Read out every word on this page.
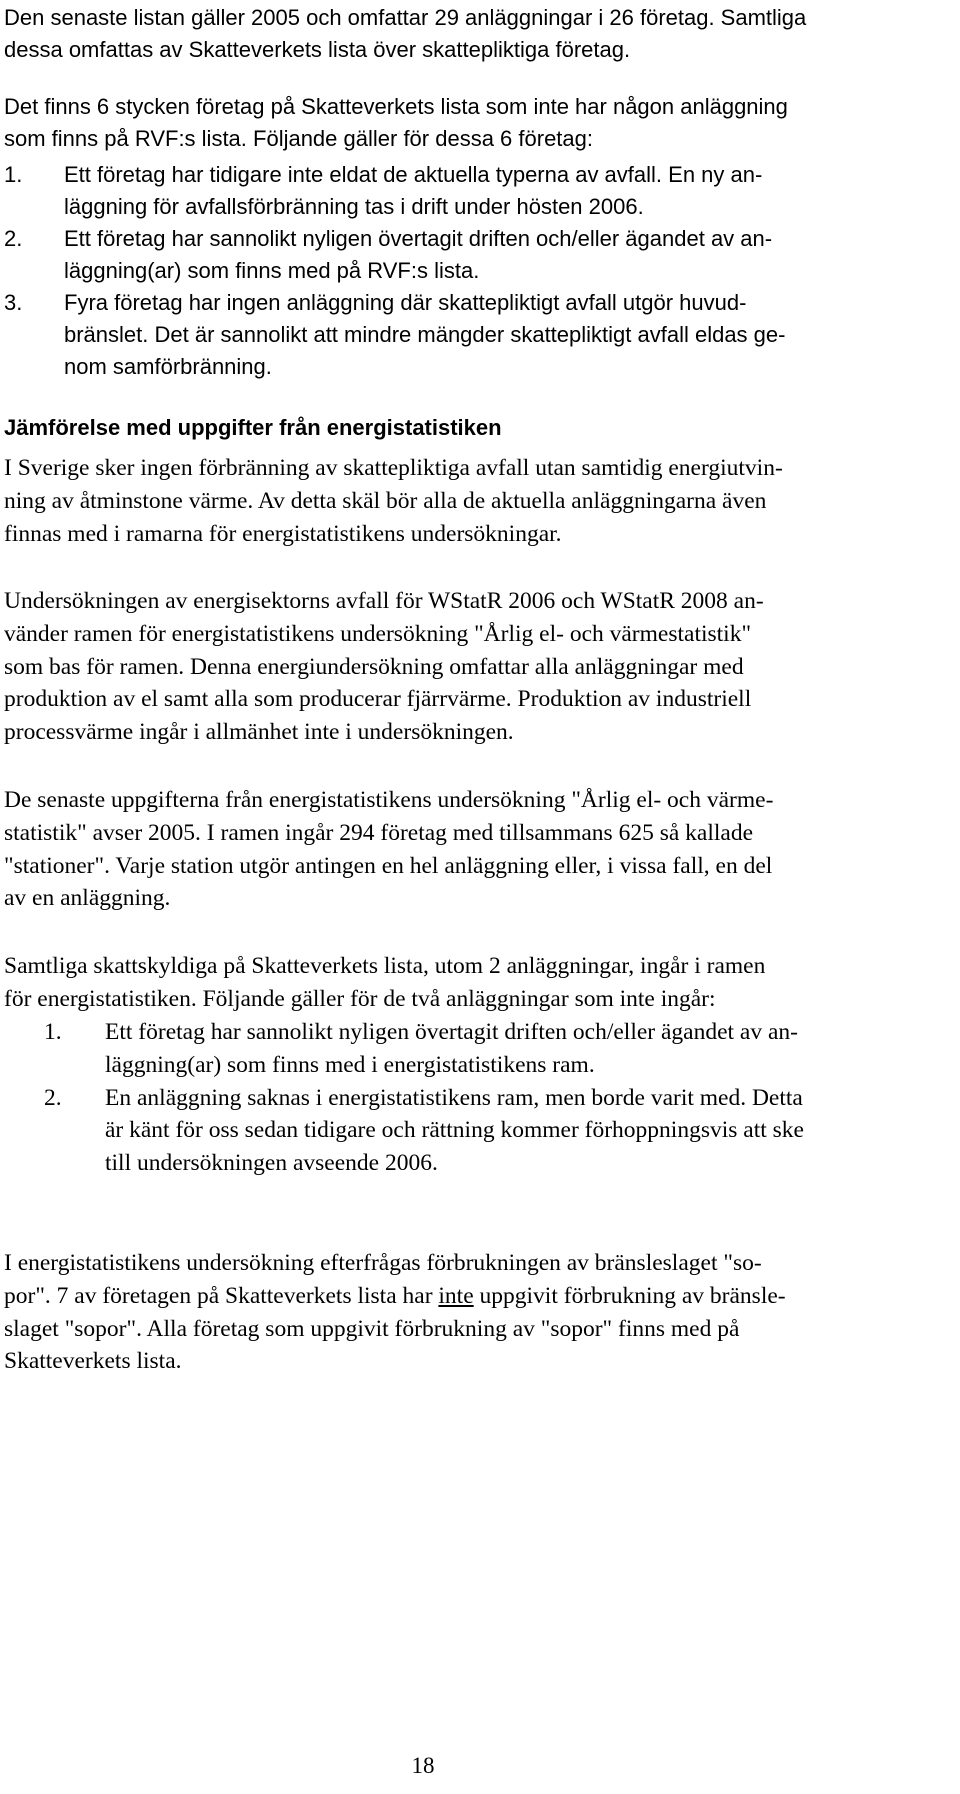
Den senaste listan gäller 2005 och omfattar 29 anläggningar i 26 företag. Samtliga
dessa omfattas av Skatteverkets lista över skattepliktiga företag.

Det finns 6 stycken företag på Skatteverkets lista som inte har någon anläggning
som finns på RVF:s lista. Följande gäller för dessa 6 företag:

1. Ett företag har tidigare inte eldat de aktuella typerna av avfall. En ny an-
läggning för avfallsförbränning tas i drift under hösten 2006.
2. Ett företag har sannolikt nyligen övertagit driften och/eller ägandet av an-
läggning(ar) som finns med på RVF:s lista.
3. Fyra företag har ingen anläggning där skattepliktigt avfall utgör huvud-
bränslet. Det är sannolikt att mindre mängder skattepliktigt avfall eldas ge-
nom samförbränning.
Jämförelse med uppgifter från energistatistiken

I Sverige sker ingen förbränning av skattepliktiga avfall utan samtidig energiutvin-
ning av åtminstone värme. Av detta skäl bör alla de aktuella anläggningarna även
finnas med i ramarna för energistatistikens undersökningar.

Undersökningen av energisektorns avfall för WStatR 2006 och WStatR 2008 an-
vänder ramen för energistatistikens undersökning "Årlig el- och värmestatistik"
som bas för ramen. Denna energiundersökning omfattar alla anläggningar med
produktion av el samt alla som producerar fjärrvärme. Produktion av industriell
processvärme ingår i allmänhet inte i undersökningen.

De senaste uppgifterna från energistatistikens undersökning "Årlig el- och värme-
statistik" avser 2005. I ramen ingår 294 företag med tillsammans 625 så kallade
"stationer". Varje station utgör antingen en hel anläggning eller, i vissa fall, en del
av en anläggning.

Samtliga skattskyldiga på Skatteverkets lista, utom 2 anläggningar, ingår i ramen
för energistatistiken. Följande gäller för de två anläggningar som inte ingår:

1. Ett företag har sannolikt nyligen övertagit driften och/eller ägandet av an-
läggning(ar) som finns med i energistatistikens ram.
2. En anläggning saknas i energistatistikens ram, men borde varit med. Detta
är känt för oss sedan tidigare och rättning kommer förhoppningsvis att ske
till undersökningen avseende 2006.

I energistatistikens undersökning efterfrågas förbrukningen av bränsleslaget "so-
por". 7 av företagen på Skatteverkets lista har inte uppgivit förbrukning av bränsle-
slaget "sopor". Alla företag som uppgivit förbrukning av "sopor" finns med på
Skatteverkets lista.

18
